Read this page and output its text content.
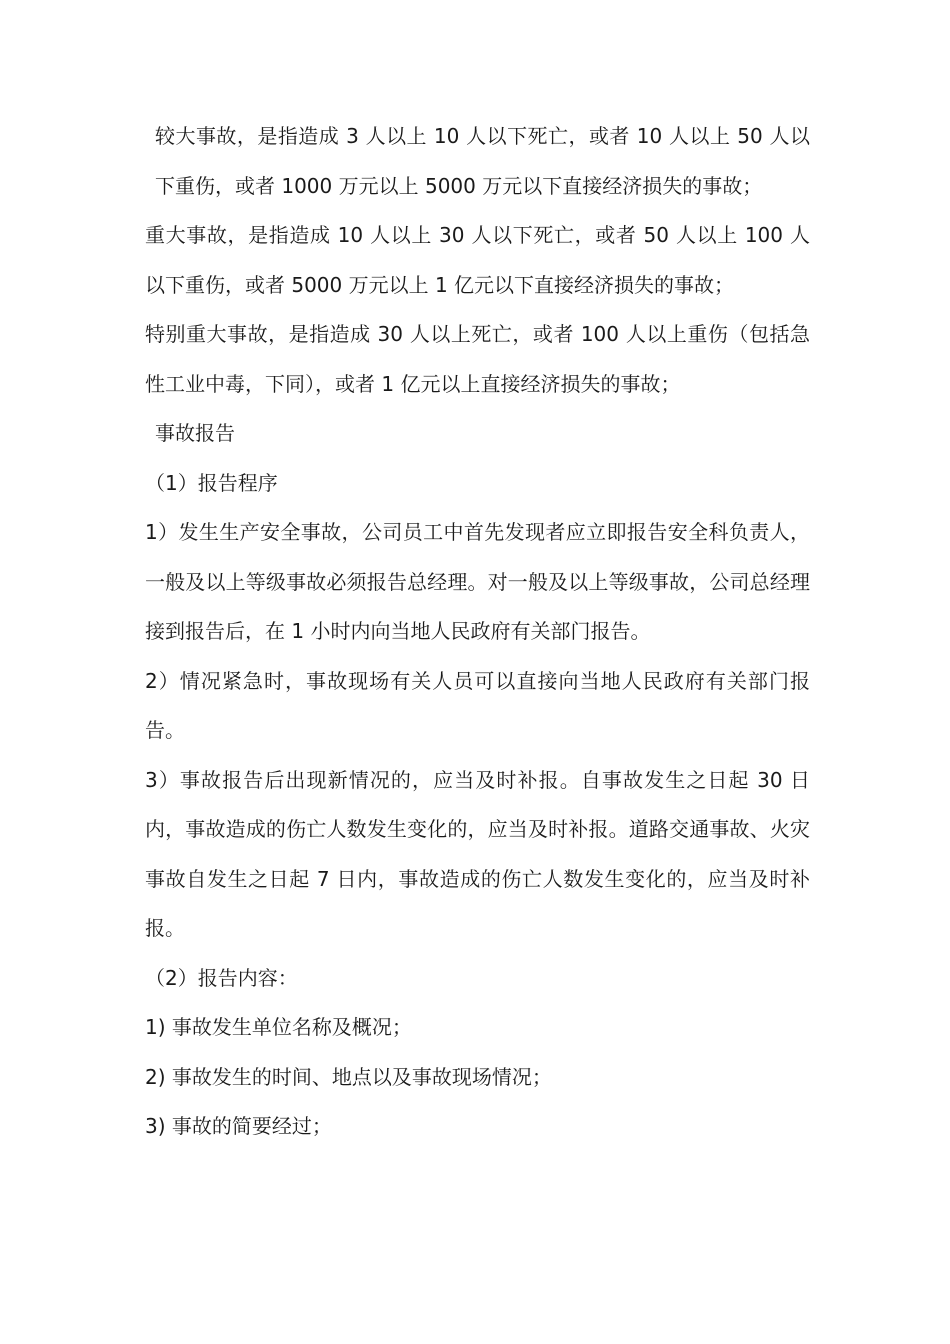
较大事故，是指造成 3 人以上 10 人以下死亡，或者 10 人以上 50 人以下重伤，或者 1000 万元以上 5000 万元以下直接经济损失的事故；

重大事故，是指造成 10 人以上 30 人以下死亡，或者 50 人以上 100 人以下重伤，或者 5000 万元以上 1 亿元以下直接经济损失的事故；

特别重大事故，是指造成 30 人以上死亡，或者 100 人以上重伤（包括急性工业中毒，下同），或者 1 亿元以上直接经济损失的事故；

事故报告

（1）报告程序

1）发生生产安全事故，公司员工中首先发现者应立即报告安全科负责人，一般及以上等级事故必须报告总经理。对一般及以上等级事故，公司总经理接到报告后，在 1 小时内向当地人民政府有关部门报告。

2）情况紧急时，事故现场有关人员可以直接向当地人民政府有关部门报告。

3）事故报告后出现新情况的，应当及时补报。自事故发生之日起 30 日内，事故造成的伤亡人数发生变化的，应当及时补报。道路交通事故、火灾事故自发生之日起 7 日内，事故造成的伤亡人数发生变化的，应当及时补报。

（2）报告内容：

1) 事故发生单位名称及概况；

2) 事故发生的时间、地点以及事故现场情况；

3) 事故的简要经过；
